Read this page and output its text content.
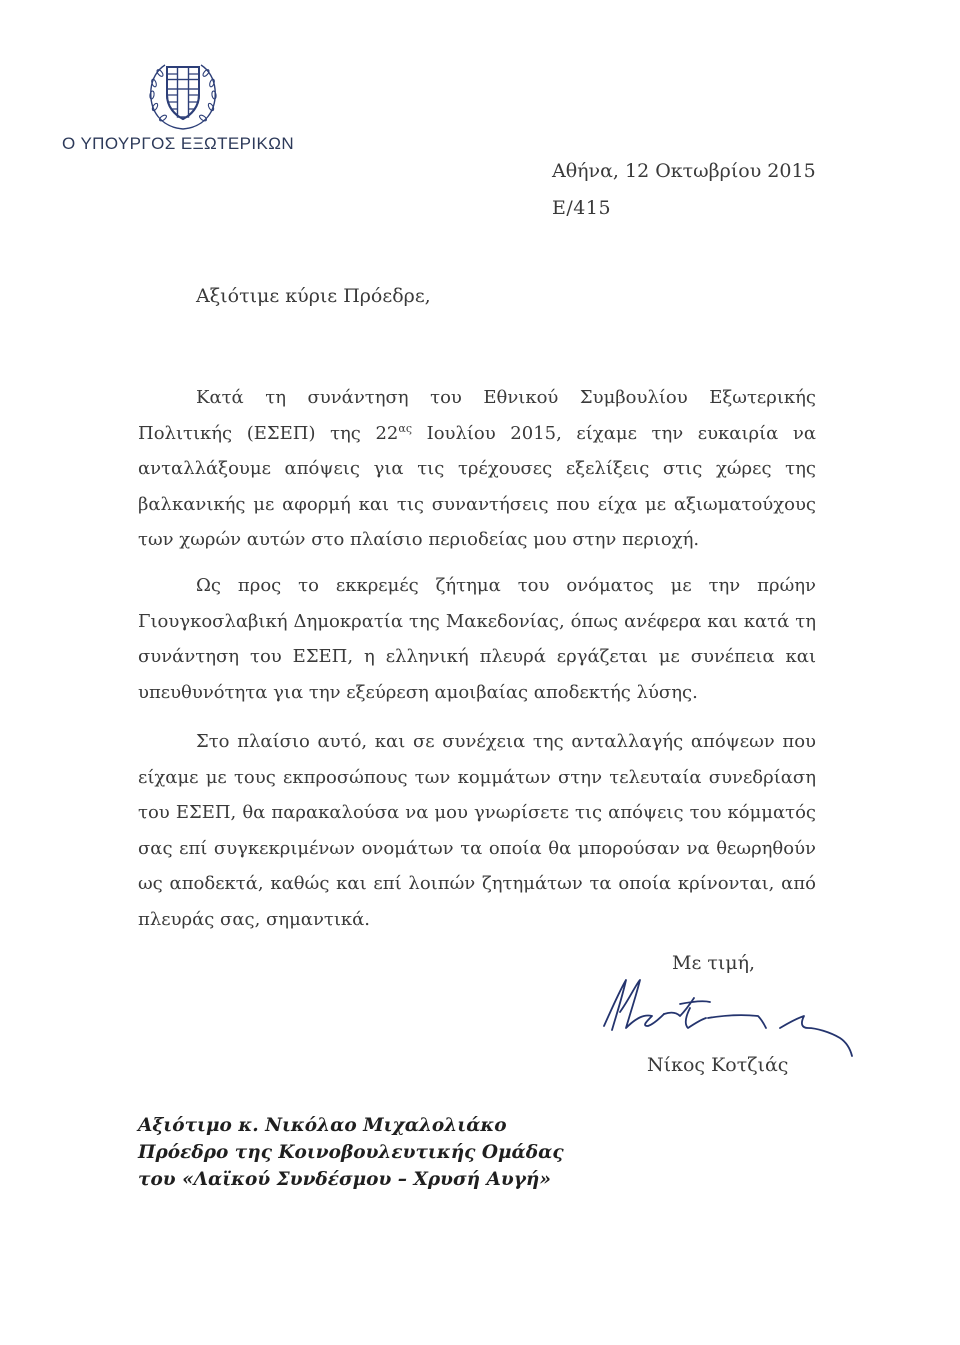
Ο ΥΠΟΥΡΓΟΣ ΕΞΩΤΕΡΙΚΩΝ
Αθήνα, 12 Οκτωβρίου 2015
Ε/415
Αξιότιμε κύριε Πρόεδρε,

Κατά τη συνάντηση του Εθνικού Συμβουλίου Εξωτερικής Πολιτικής (ΕΣΕΠ) της $22^{\alpha\varsigma}$ Ιουλίου 2015, είχαμε την ευκαιρία να ανταλλάξουμε απόψεις για τις τρέχουσες εξελίξεις στις χώρες της βαλκανικής με αφορμή και τις συναντήσεις που είχα με αξιωματούχους των χωρών αυτών στο πλαίσιο περιοδείας μου στην περιοχή.

Ως προς το εκκρεμές ζήτημα του ονόματος με την πρώην Γιουγκοσλαβική Δημοκρατία της Μακεδονίας, όπως ανέφερα και κατά τη συνάντηση του ΕΣΕΠ, η ελληνική πλευρά εργάζεται με συνέπεια και υπευθυνότητα για την εξεύρεση αμοιβαίας αποδεκτής λύσης.

Στο πλαίσιο αυτό, και σε συνέχεια της ανταλλαγής απόψεων που είχαμε με τους εκπροσώπους των κομμάτων στην τελευταία συνεδρίαση του ΕΣΕΠ, θα παρακαλούσα να μου γνωρίσετε τις απόψεις του κόμματός σας επί συγκεκριμένων ονομάτων τα οποία θα μπορούσαν να θεωρηθούν ως αποδεκτά, καθώς και επί λοιπών ζητημάτων τα οποία κρίνονται, από πλευράς σας, σημαντικά.

Με τιμή,
Νίκος Κοτζιάς
Αξιότιμο κ. Νικόλαο Μιχαλολιάκο
Πρόεδρο της Κοινοβουλευτικής Ομάδας
του «Λαϊκού Συνδέσμου – Χρυσή Αυγή»
